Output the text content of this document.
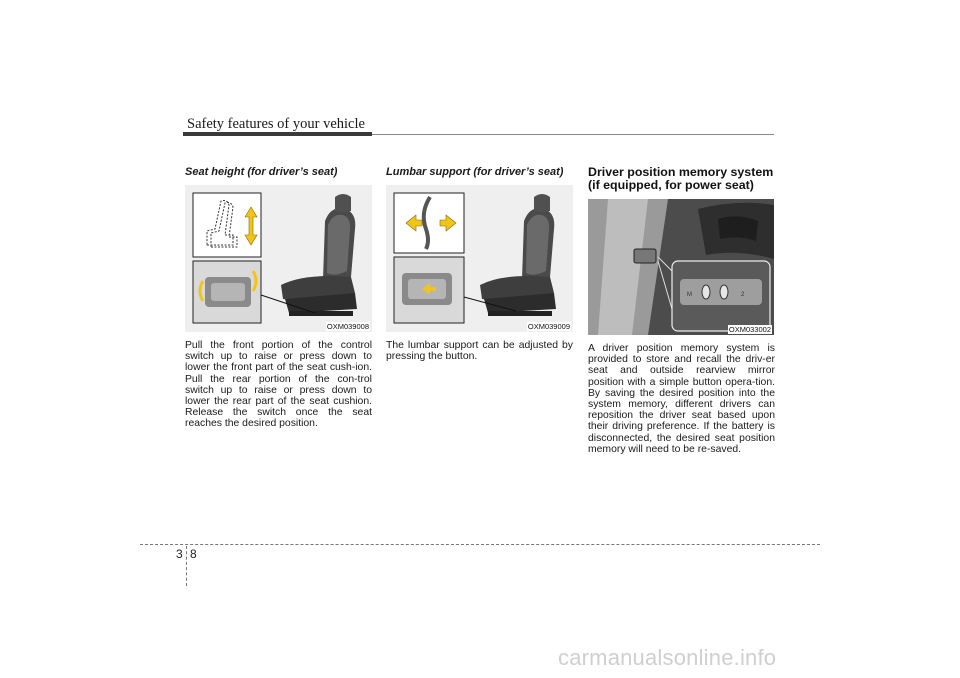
Safety features of your vehicle
Seat height (for driver’s seat)
OXM039008

Pull the front portion of the control switch up to raise or press down to lower the front part of the seat cush-ion. Pull the rear portion of the con-trol switch up to raise or press down to lower the rear part of the seat cushion. Release the switch once the seat reaches the desired position.

Lumbar support (for driver’s seat)
OXM039009

The lumbar support can be adjusted by pressing the button.

Driver position memory system (if equipped, for power seat)
M	2
OXM033002

A driver position memory system is provided to store and recall the driv-er seat and outside rearview mirror position with a simple button opera-tion. By saving the desired position into the system memory, different drivers can reposition the driver seat based upon their driving preference. If the battery is disconnected, the desired seat position memory will need to be re-saved.

3 8
carmanualsonline.info
